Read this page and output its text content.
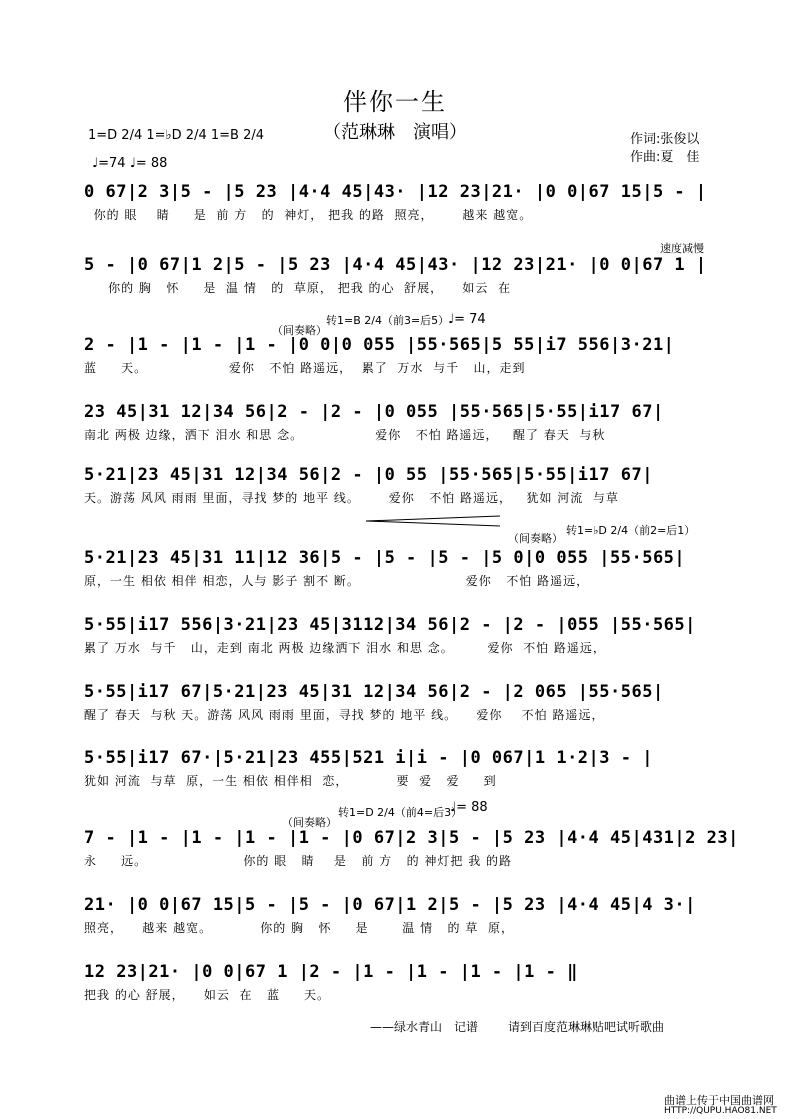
伴你一生
（范琳琳　演唱）
1=D 2/4 1=♭D 2/4 1=B 2/4
♩=74 ♩= 88
作词:张俊以
作曲:夏　佳
速度减慢
（间奏略）
转1=B 2/4（前3=后5）
♩= 74
（间奏略）
转1=♭D 2/4（前2=后1）
（间奏略）
转1=D 2/4（前4=后3）
♩= 88
0 67|2 3|5 - |5 23 |4·4 45|43· |12 23|21· |0 0|67 15|5 - |
你的 眼    睛     是  前 方   的  神灯， 把我 的路  照亮，      越来 越宽。
5 - |0 67|1 2|5 - |5 23 |4·4 45|43· |12 23|21· |0 0|67 1 |
你的 胸   怀     是  温 情   的  草原， 把我 的心  舒展，    如云  在
2 - |1 - |1 - |1 - |0 0|0 055 |55·565|5 55|i7 556|3·21|
蓝     天。                 爱你   不怕 路遥远，  累了  万水  与千   山，走到
23 45|31 12|34 56|2 - |2 - |0 055 |55·565|5·55|i17 67|
南北 两极 边缘，洒下 泪水 和思 念。               爱你   不怕 路遥远，   醒了 春天  与秋
5·21|23 45|31 12|34 56|2 - |0 55 |55·565|5·55|i17 67|
天。游荡 风风 雨雨 里面，寻找 梦的 地平 线。      爱你   不怕 路遥远，   犹如 河流  与草
5·21|23 45|31 11|12 36|5 - |5 - |5 - |5 0|0 055 |55·565|
原，一生 相依 相伴 相恋，人与 影子 割不 断。                      爱你   不怕 路遥远，
5·55|i17 556|3·21|23 45|3112|34 56|2 - |2 - |055 |55·565|
累了 万水  与千   山，走到 南北 两极 边缘洒下 泪水 和思 念。       爱你  不怕 路遥远，
5·55|i17 67|5·21|23 45|31 12|34 56|2 - |2 065 |55·565|
醒了 春天  与秋 天。游荡 风风 雨雨 里面，寻找 梦的 地平 线。    爱你    不怕 路遥远，
5·55|i17 67·|5·21|23 455|521 i|i - |0 067|1 1·2|3 - |
犹如 河流  与草  原，一生 相依 相伴相  恋，          要  爱   爱     到
7 - |1 - |1 - |1 - |1 - |0 67|2 3|5 - |5 23 |4·4 45|431|2 23|
永     远。                    你的 眼   睛    是   前 方   的 神灯把 我 的路
21· |0 0|67 15|5 - |5 - |0 67|1 2|5 - |5 23 |4·4 45|4 3·|
照亮，    越来 越宽。          你的 胸   怀     是       温 情   的 草  原，
12 23|21· |0 0|67 1 |2 - |1 - |1 - |1 - |1 - ‖
把我 的心 舒展，    如云  在   蓝     天。
——绿水青山　记谱 请到百度范琳琳贴吧试听歌曲
曲谱上传于中国曲谱网
HTTP://QUPU.HAO81.NET
